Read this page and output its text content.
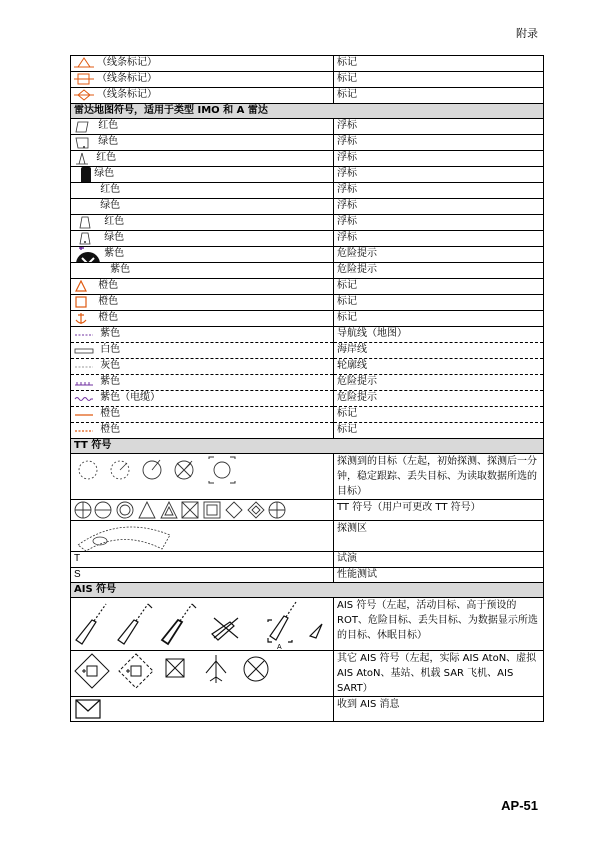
附录
（线条标记）	标记

（线条标记）	标记

（线条标记）	标记
雷达地图符号，适用于类型 IMO 和 A 雷达	

红色	浮标

绿色	浮标

红色	浮标
绿色	浮标
红色	浮标
绿色	浮标

红色	浮标

绿色	浮标
紫色	危险提示
紫色	危险提示

橙色	标记

橙色	标记

橙色	标记

紫色	导航线（地图）

白色	海岸线

灰色	轮廓线

紫色	危险提示

紫色（电缆）	危险提示

橙色	标记

橙色	标记
TT 符号	

	探测到的目标（左起，初始探测、探测后一分钟，稳定跟踪、丢失目标、为读取数据所选的目标）

	TT 符号（用户可更改 TT 符号）

	探测区
T	试演
S	性能测试
AIS 符号	

A	AIS 符号（左起，活动目标、高于预设的 ROT、危险目标、丢失目标、为数据显示所选的目标、休眠目标）

	其它 AIS 符号（左起，实际 AIS AtoN、虚拟 AIS AtoN、基站、机载 SAR 飞机、AIS SART）

	收到 AIS 消息
AP-51
